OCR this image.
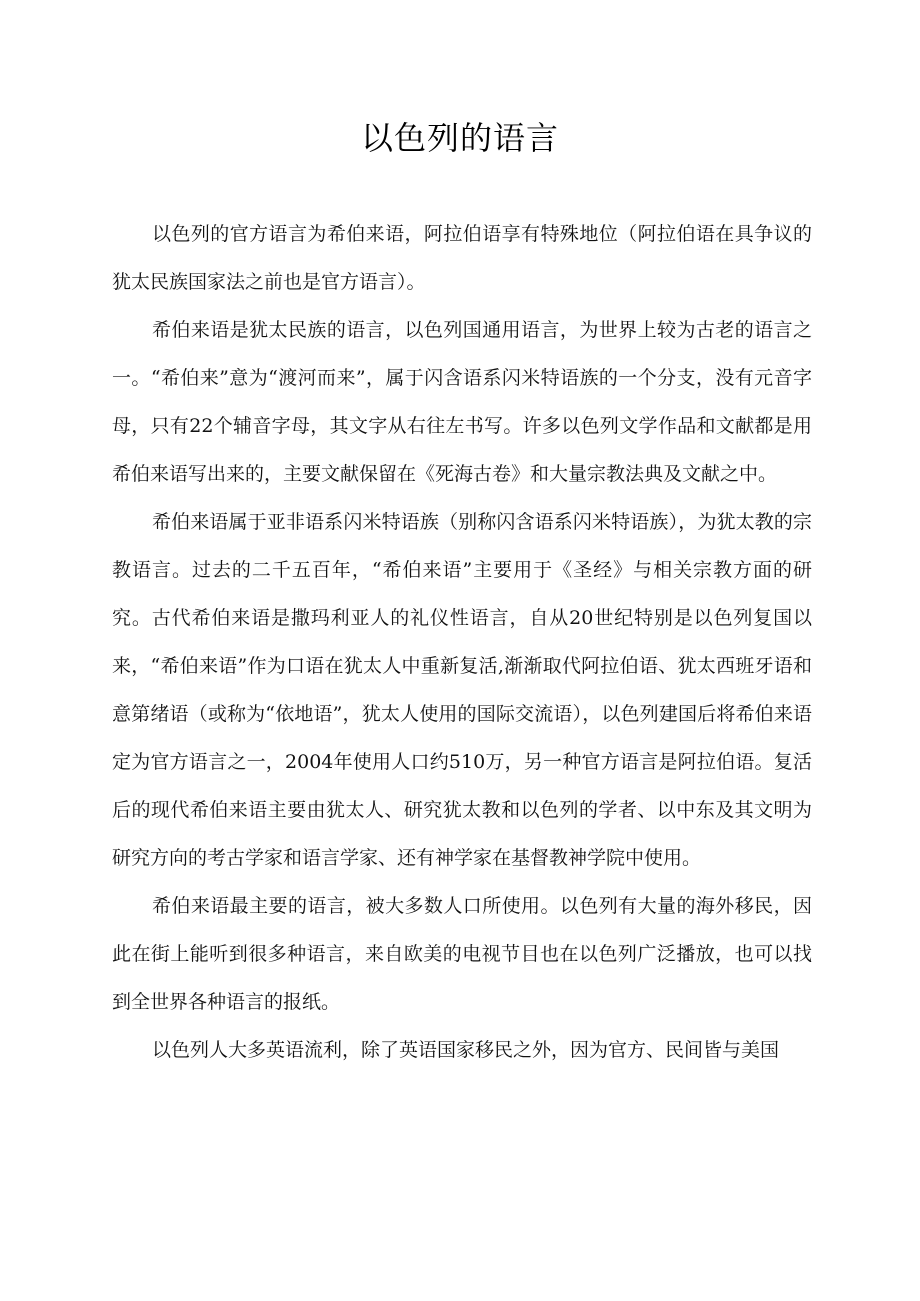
以色列的语言

以色列的官方语言为希伯来语，阿拉伯语享有特殊地位（阿拉伯语在具争议的犹太民族国家法之前也是官方语言）。

希伯来语是犹太民族的语言，以色列国通用语言，为世界上较为古老的语言之一。“希伯来”意为“渡河而来”，属于闪含语系闪米特语族的一个分支，没有元音字母，只有22个辅音字母，其文字从右往左书写。许多以色列文学作品和文献都是用希伯来语写出来的，主要文献保留在《死海古卷》和大量宗教法典及文献之中。

希伯来语属于亚非语系闪米特语族（别称闪含语系闪米特语族），为犹太教的宗教语言。过去的二千五百年，“希伯来语”主要用于《圣经》与相关宗教方面的研究。古代希伯来语是撒玛利亚人的礼仪性语言，自从20世纪特别是以色列复国以来，“希伯来语”作为口语在犹太人中重新复活,渐渐取代阿拉伯语、犹太西班牙语和意第绪语（或称为“依地语”，犹太人使用的国际交流语），以色列建国后将希伯来语定为官方语言之一，2004年使用人口约510万，另一种官方语言是阿拉伯语。复活后的现代希伯来语主要由犹太人、研究犹太教和以色列的学者、以中东及其文明为研究方向的考古学家和语言学家、还有神学家在基督教神学院中使用。

希伯来语最主要的语言，被大多数人口所使用。以色列有大量的海外移民，因此在街上能听到很多种语言，来自欧美的电视节目也在以色列广泛播放，也可以找到全世界各种语言的报纸。

以色列人大多英语流利，除了英语国家移民之外，因为官方、民间皆与美国
